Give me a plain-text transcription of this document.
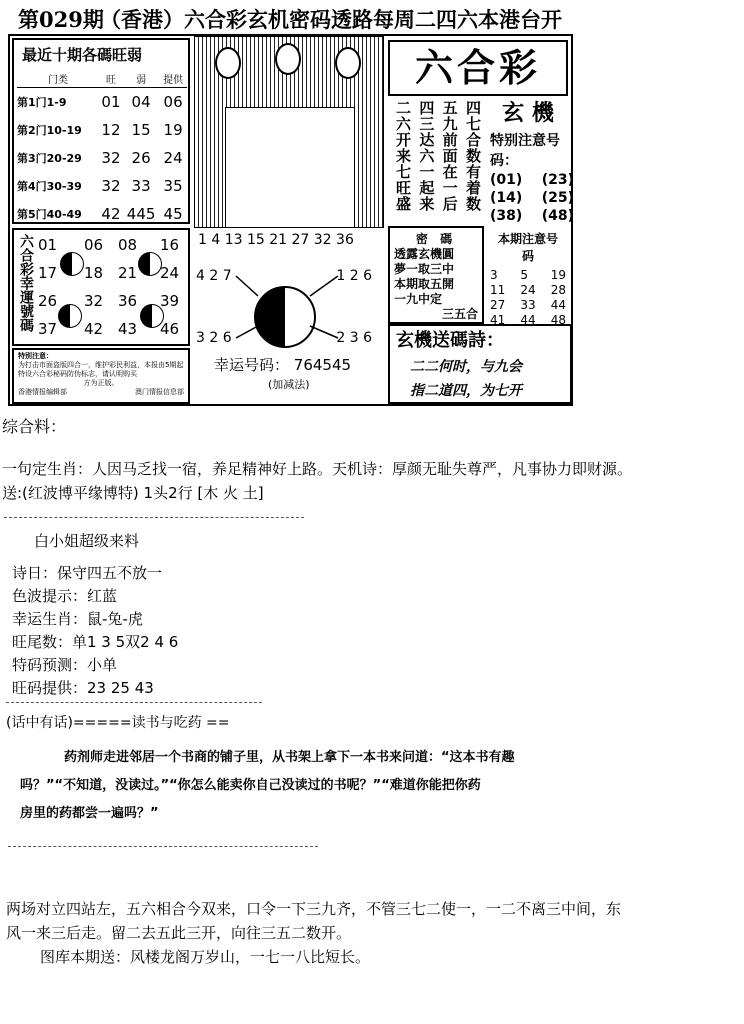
第029期
（香港）六合彩玄机密码透路每周二四六本港台开
最近十期各碼旺弱
门类	旺	弱	提供
第1门1-9	01	04	06
第2门10-19	12	15	19
第3门20-29	32	26	24
第4门30-39	32	33	35
第5门40-49	42	445	45
六合彩
玄 機
四七合数有着数
五九前面在一后
四三达六一起来
二六开来七旺盛	特别注意号码：
(01) (23)
(14) (25)
(38) (48)
六合彩幸運號碼 01 06 08 16
17 18 21 24
26 32 36 39
37 42 43 46
特别注意：
为打击市面盗版四合一，维护彩民利益，本报由5期起特设六合彩秘码防伪标志，请认明购买
方为正版。
香港情报编辑部	澳门情报信息部
1 4 13 15 21 27 32 36
4 2 7	1 2 6
3 2 6	2 3 6
幸运号码： 764545
(加减法)
密 碼
透露玄機圓
夢一取三中
本期取五開
一九中定
三五合
本期注意号码
3 5 19
11 24 28
27 33 44
41 44 48
玄機送碼詩：
二二何时，与九会
指二道四，为七开
综合料：
一句定生肖：人因马乏找一宿，养足精神好上路。天机诗：厚颜无耻失尊严，凡事协力即财源。
送:(红波博平缘博特) 1头2行 [木 火 土]
白小姐超级来料
诗日：保守四五不放一
色波提示：红蓝
幸运生肖：鼠-兔-虎
旺尾数：单1 3 5双2 4 6
特码预测：小单
旺码提供：23 25 43
(话中有话)=====读书与吃药 ==
药剂师走进邻居一个书商的铺子里，从书架上拿下一本书来问道：“这本书有趣
吗？”“不知道，没读过。”“你怎么能卖你自己没读过的书呢？”“难道你能把你药
房里的药都尝一遍吗？”
两场对立四站左，五六相合今双来，口令一下三九齐，不管三七二使一，一二不离三中间，东
风一来三后走。留二去五此三开，向往三五二数开。
图库本期送：风楼龙阁万岁山，一七一八比短长。
